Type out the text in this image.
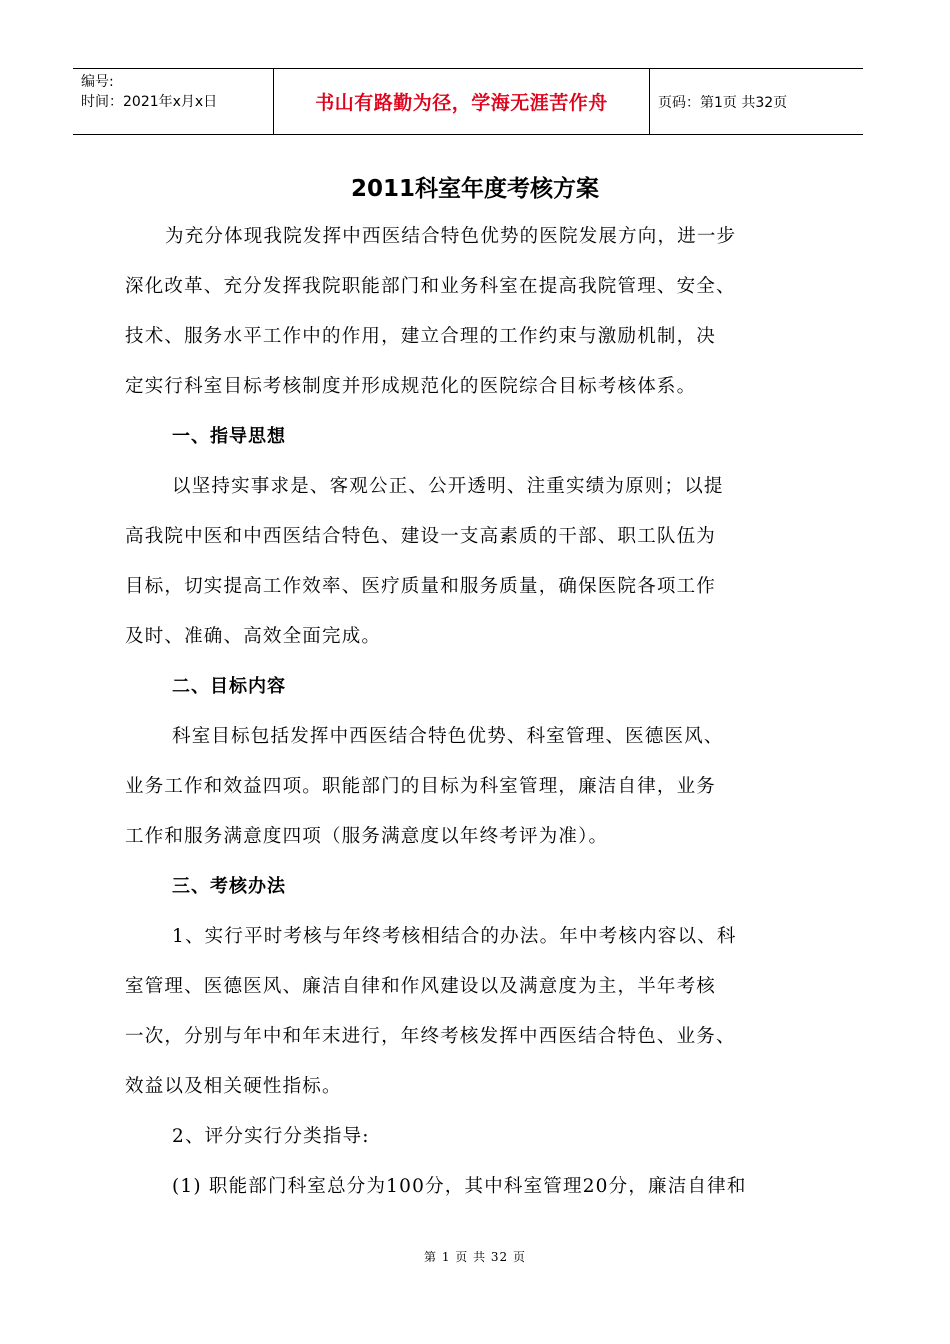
编号:
时间：2021年x月x日	书山有路勤为径，学海无涯苦作舟	页码：第1页 共32页
2011科室年度考核方案
为充分体现我院发挥中西医结合特色优势的医院发展方向，进一步
深化改革、充分发挥我院职能部门和业务科室在提高我院管理、安全、
技术、服务水平工作中的作用，建立合理的工作约束与激励机制，决
定实行科室目标考核制度并形成规范化的医院综合目标考核体系。
一、指导思想
以坚持实事求是、客观公正、公开透明、注重实绩为原则；以提
高我院中医和中西医结合特色、建设一支高素质的干部、职工队伍为
目标，切实提高工作效率、医疗质量和服务质量，确保医院各项工作
及时、准确、高效全面完成。
二、目标内容
科室目标包括发挥中西医结合特色优势、科室管理、医德医风、
业务工作和效益四项。职能部门的目标为科室管理，廉洁自律，业务
工作和服务满意度四项（服务满意度以年终考评为准）。
三、考核办法
1、实行平时考核与年终考核相结合的办法。年中考核内容以、科
室管理、医德医风、廉洁自律和作风建设以及满意度为主，半年考核
一次，分别与年中和年末进行，年终考核发挥中西医结合特色、业务、
效益以及相关硬性指标。
2、评分实行分类指导:
(1) 职能部门科室总分为100分，其中科室管理20分，廉洁自律和
第 1 页 共 32 页
